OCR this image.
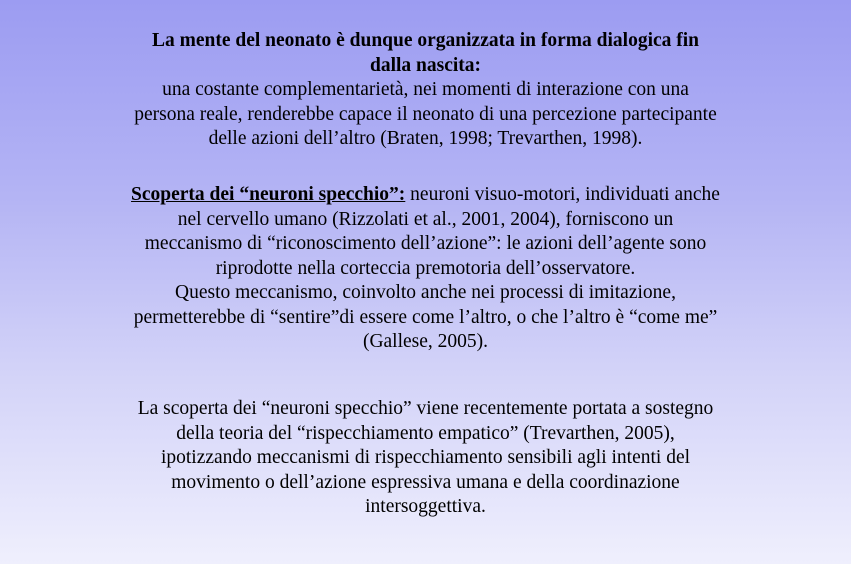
La mente del neonato è dunque organizzata in forma dialogica fin

dalla nascita:

una costante complementarietà, nei momenti di interazione con una

persona reale, renderebbe capace il neonato di una percezione partecipante

delle azioni dell’altro (Braten, 1998; Trevarthen, 1998).

Scoperta dei “neuroni specchio”: neuroni visuo-motori, individuati anche

nel cervello umano (Rizzolati et al., 2001, 2004), forniscono un

meccanismo di “riconoscimento dell’azione”: le azioni dell’agente sono

riprodotte nella corteccia premotoria dell’osservatore.

Questo meccanismo, coinvolto anche nei processi di imitazione,

permetterebbe di “sentire”di essere come l’altro, o che l’altro è “come me”

(Gallese, 2005).

La scoperta dei “neuroni specchio” viene recentemente portata a sostegno

della teoria del “rispecchiamento empatico” (Trevarthen, 2005),

ipotizzando meccanismi di rispecchiamento sensibili agli intenti del

movimento o dell’azione espressiva umana e della coordinazione

intersoggettiva.
